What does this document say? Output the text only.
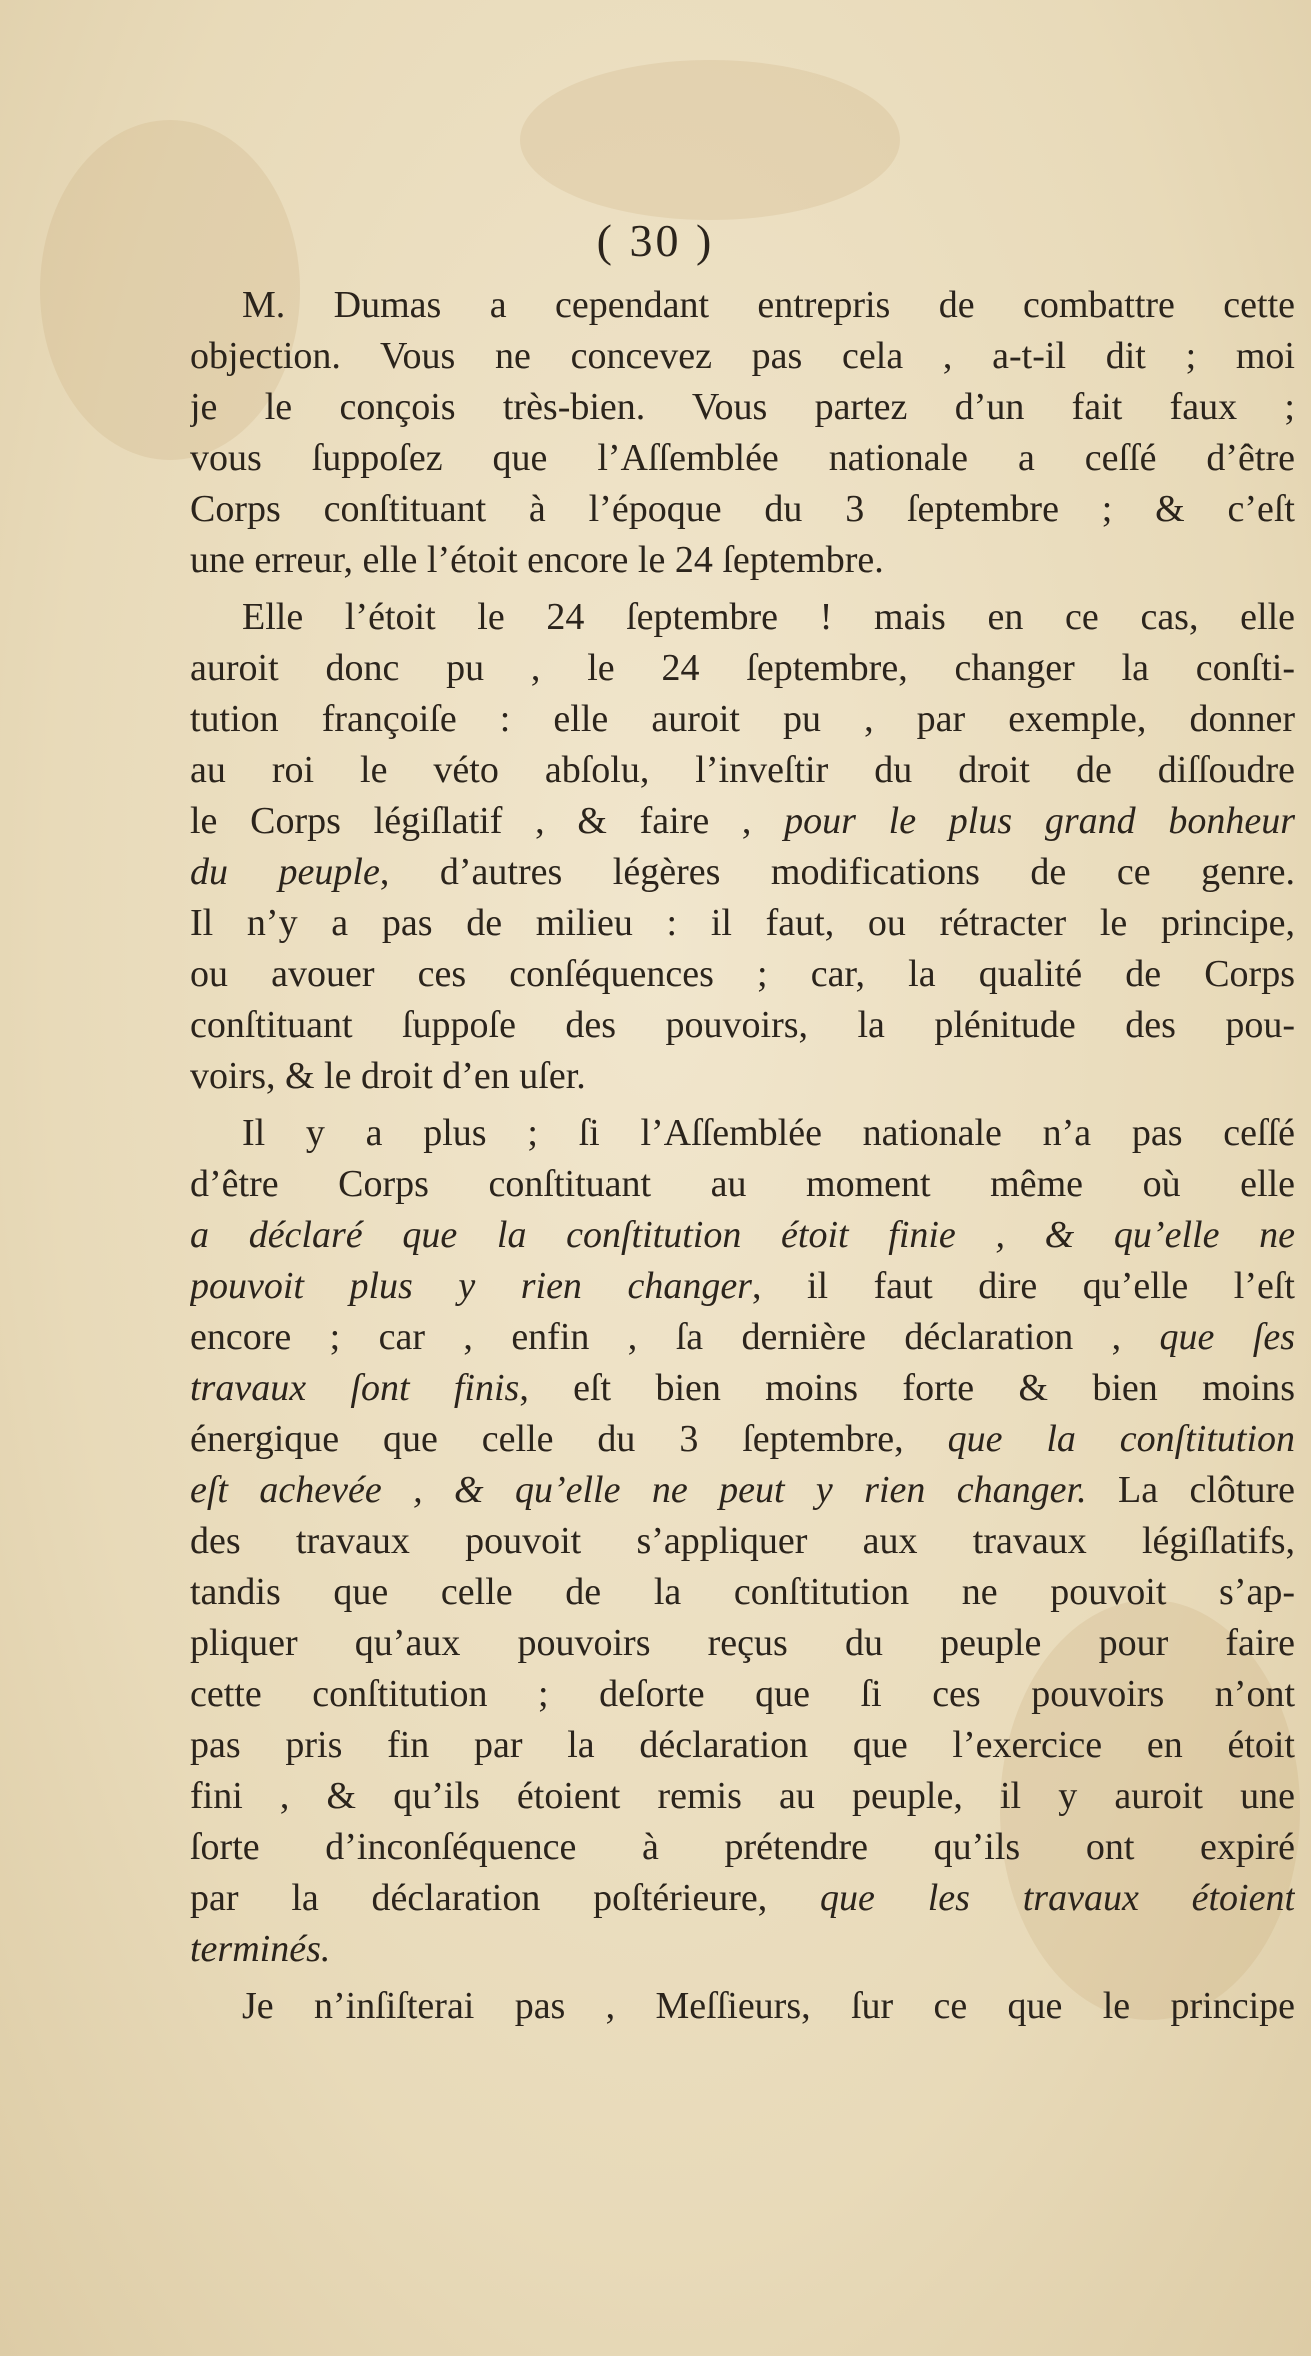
( 30 )
M. Dumas a cependant entrepris de combattre cette
objection. Vous ne concevez pas cela , a-t-il dit ; moi
je le conçois très-bien. Vous partez d’un fait faux ;
vous ſuppoſez que l’Aſſemblée nationale a ceſſé d’être
Corps conſtituant à l’époque du 3 ſeptembre ; & c’eſt
une erreur, elle l’étoit encore le 24 ſeptembre.
Elle l’étoit le 24 ſeptembre ! mais en ce cas, elle
auroit donc pu , le 24 ſeptembre, changer la conſti-
tution françoiſe : elle auroit pu , par exemple, donner
au roi le véto abſolu, l’inveſtir du droit de diſſoudre
le Corps légiſlatif , & faire , pour le plus grand bonheur
du peuple, d’autres légères modifications de ce genre.
Il n’y a pas de milieu : il faut, ou rétracter le principe,
ou avouer ces conſéquences ; car, la qualité de Corps
conſtituant ſuppoſe des pouvoirs, la plénitude des pou-
voirs, & le droit d’en uſer.
Il y a plus ; ſi l’Aſſemblée nationale n’a pas ceſſé
d’être Corps conſtituant au moment même où elle
a déclaré que la conſtitution étoit finie , & qu’elle ne
pouvoit plus y rien changer, il faut dire qu’elle l’eſt
encore ; car , enfin , ſa dernière déclaration , que ſes
travaux ſont finis, eſt bien moins forte & bien moins
énergique que celle du 3 ſeptembre, que la conſtitution
eſt achevée , & qu’elle ne peut y rien changer. La clôture
des travaux pouvoit s’appliquer aux travaux légiſlatifs,
tandis que celle de la conſtitution ne pouvoit s’ap-
pliquer qu’aux pouvoirs reçus du peuple pour faire
cette conſtitution ; deſorte que ſi ces pouvoirs n’ont
pas pris fin par la déclaration que l’exercice en étoit
fini , & qu’ils étoient remis au peuple, il y auroit une
ſorte d’inconſéquence à prétendre qu’ils ont expiré
par la déclaration poſtérieure, que les travaux étoient
terminés.
Je n’inſiſterai pas , Meſſieurs, ſur ce que le principe
